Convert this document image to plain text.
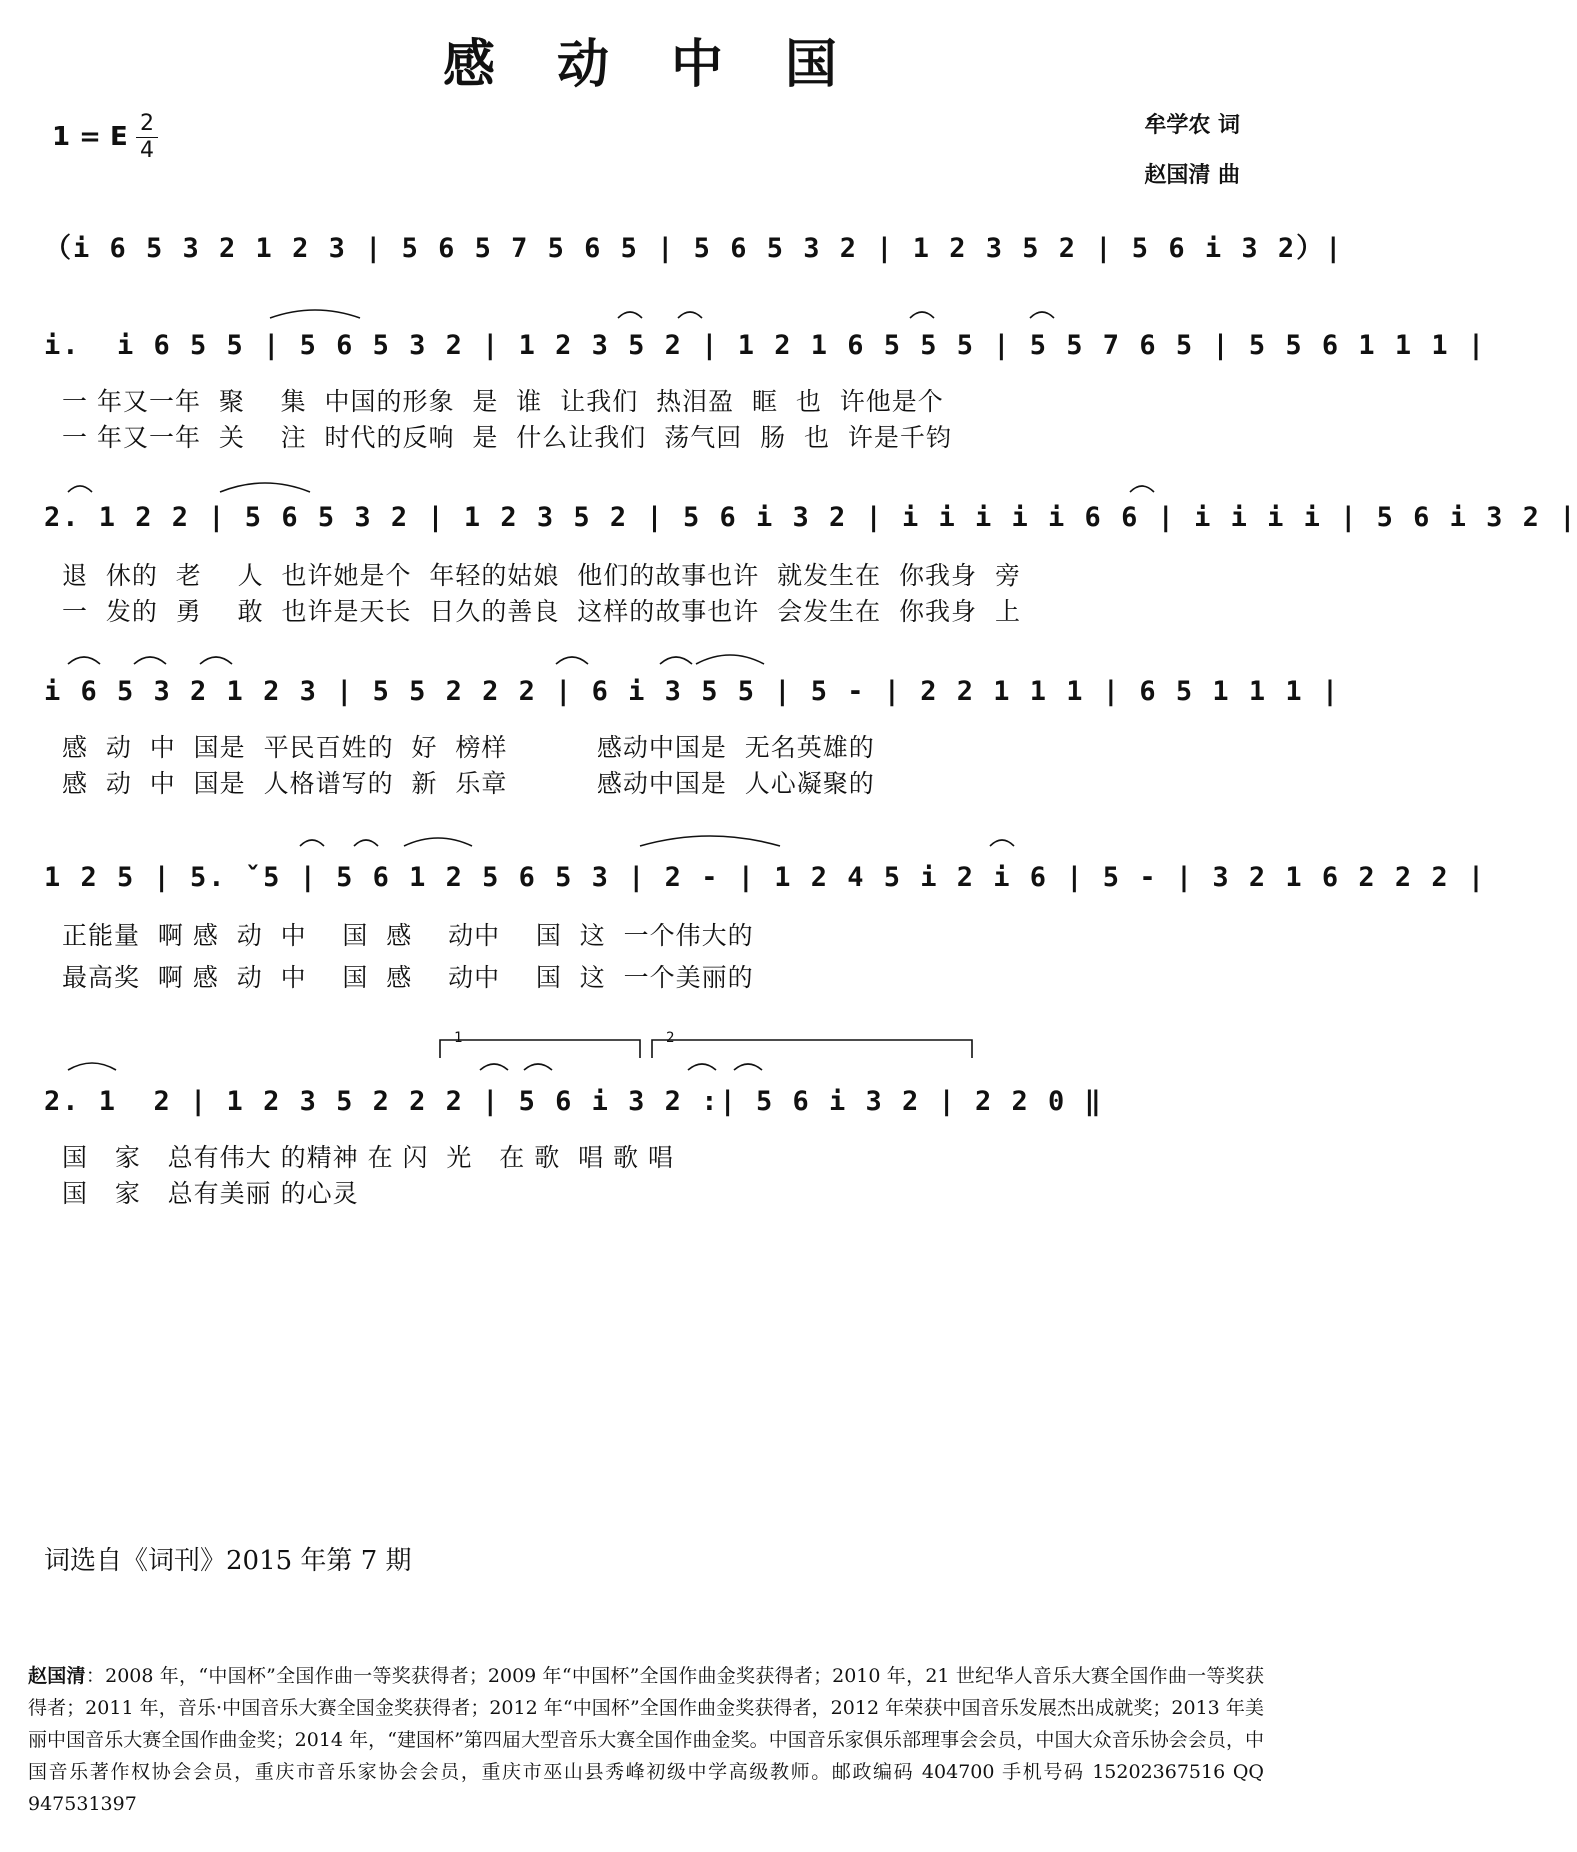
感动中国
1 = E 2
4
牟学农 词
赵国清 曲
（i 6 5 3 2 1 2 3 | 5 6 5 7 5 6 5 | 5 6 5 3 2 | 1 2 3 5 2 | 5 6 i 3 2）|
i.  i 6 5 5 | 5 6 5 3 2 | 1 2 3 5 2 | 1 2 1 6 5 5 5 | 5 5 7 6 5 | 5 5 6 1 1 1 |
一 年又一年  聚    集  中国的形象  是  谁  让我们  热泪盈  眶  也  许他是个
一 年又一年  关    注  时代的反响  是  什么让我们  荡气回  肠  也  许是千钧
2. 1 2 2 | 5 6 5 3 2 | 1 2 3 5 2 | 5 6 i 3 2 | i i i i i 6 6 | i i i i | 5 6 i 3 2 |
退  休的  老    人  也许她是个  年轻的姑娘  他们的故事也许  就发生在  你我身  旁
一  发的  勇    敢  也许是天长  日久的善良  这样的故事也许  会发生在  你我身  上
i 6 5 3 2 1 2 3 | 5 5 2 2 2 | 6 i 3 5 5 | 5 - | 2 2 1 1 1 | 6 5 1 1 1 |
感  动  中  国是  平民百姓的  好  榜样          感动中国是  无名英雄的
感  动  中  国是  人格谱写的  新  乐章          感动中国是  人心凝聚的
1 2 5 | 5. ˇ5 | 5 6 1 2 5 6 5 3 | 2 - | 1 2 4 5 i 2 i 6 | 5 - | 3 2 1 6 2 2 2 |
正能量  啊 感  动  中    国  感    动中    国  这  一个伟大的
最高奖  啊 感  动  中    国  感    动中    国  这  一个美丽的
2. 1  2 | 1 2 3 5 2 2 2 | 5 6 i 3 2 :| 5 6 i 3 2 | 2 2 0 ‖
国   家   总有伟大 的精神 在 闪  光   在 歌  唱 歌 唱
国   家   总有美丽 的心灵
1	2
词选自《词刊》2015 年第 7 期
赵国清：2008 年，“中国杯”全国作曲一等奖获得者；2009 年“中国杯”全国作曲金奖获得者；2010 年，21 世纪华人音乐大赛全国作曲一等奖获得者；2011 年，音乐·中国音乐大赛全国金奖获得者；2012 年“中国杯”全国作曲金奖获得者，2012 年荣获中国音乐发展杰出成就奖；2013 年美丽中国音乐大赛全国作曲金奖；2014 年，“建国杯”第四届大型音乐大赛全国作曲金奖。中国音乐家俱乐部理事会会员，中国大众音乐协会会员，中国音乐著作权协会会员，重庆市音乐家协会会员，重庆市巫山县秀峰初级中学高级教师。邮政编码 404700 手机号码 15202367516 QQ 947531397
